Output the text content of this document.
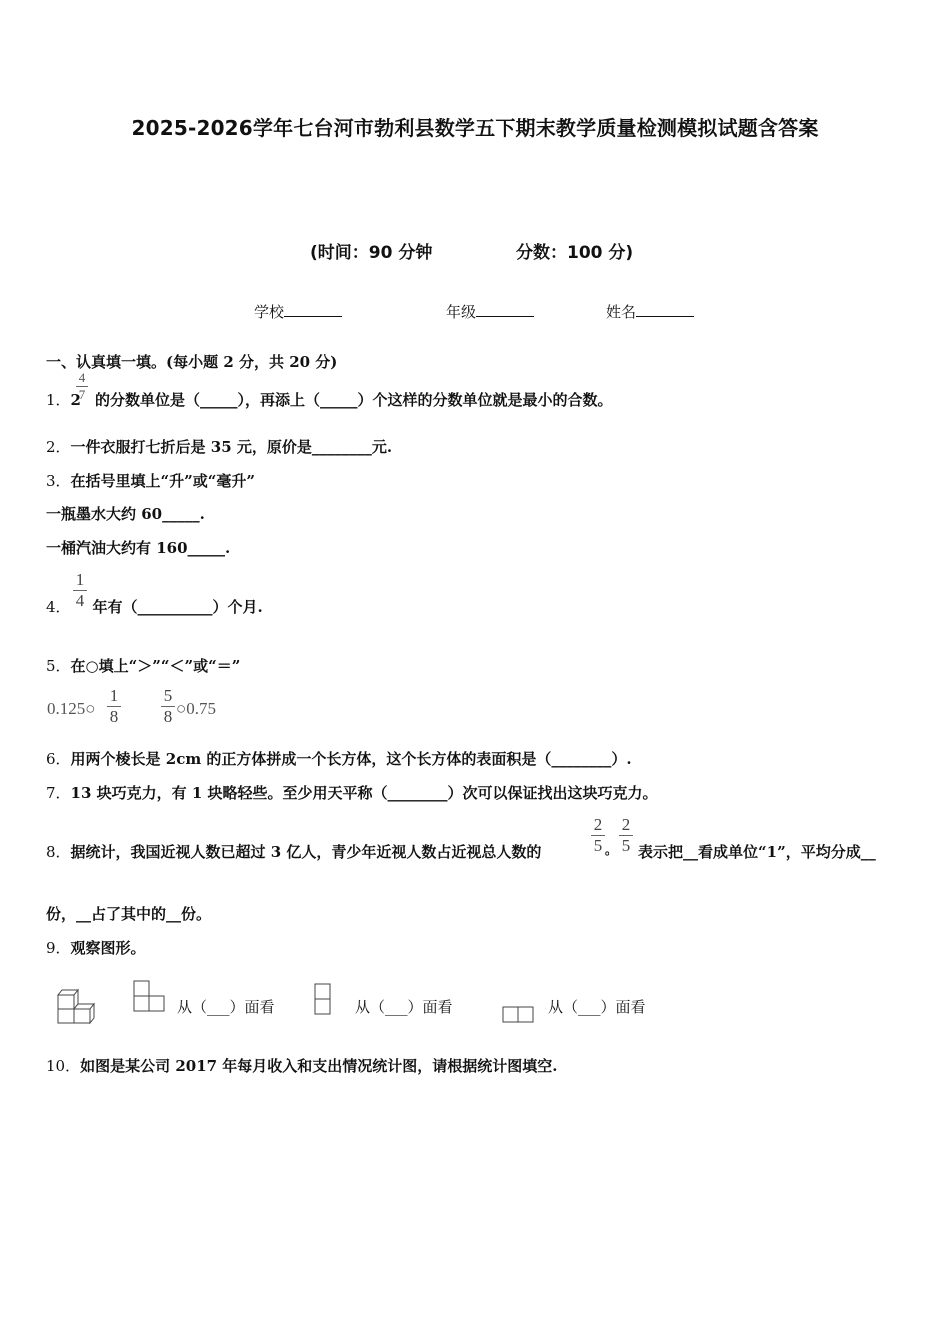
2025-2026学年七台河市勃利县数学五下期末教学质量检测模拟试题含答案
(时间：90 分钟	分数：100 分)
学校	年级	姓名
一、认真填一填。(每小题 2 分，共 20 分)
1．2 的分数单位是（_____），再添上（_____）个这样的分数单位就是最小的合数。
4
7
2．一件衣服打七折后是 35 元，原价是________元.
3．在括号里填上“升”或“毫升”
一瓶墨水大约 60_____.
一桶汽油大约有 160_____.
1
4
4． 年有（__________）个月.
5．在○填上“＞”“＜”或“＝”
0.125○
1
8
5
8 ○0.75
6．用两个棱长是 2cm 的正方体拼成一个长方体，这个长方体的表面积是（________）.
7．13 块巧克力，有 1 块略轻些。至少用天平称（________）次可以保证找出这块巧克力。
8．据统计，我国近视人数已超过 3 亿人，青少年近视人数占近视总人数的
2
5 。
2
5 表示把__看成单位“1”，平均分成__
份，__占了其中的__份。
9．观察图形。
从（___）面看	从（___）面看	从（___）面看
10．如图是某公司 2017 年每月收入和支出情况统计图，请根据统计图填空.
